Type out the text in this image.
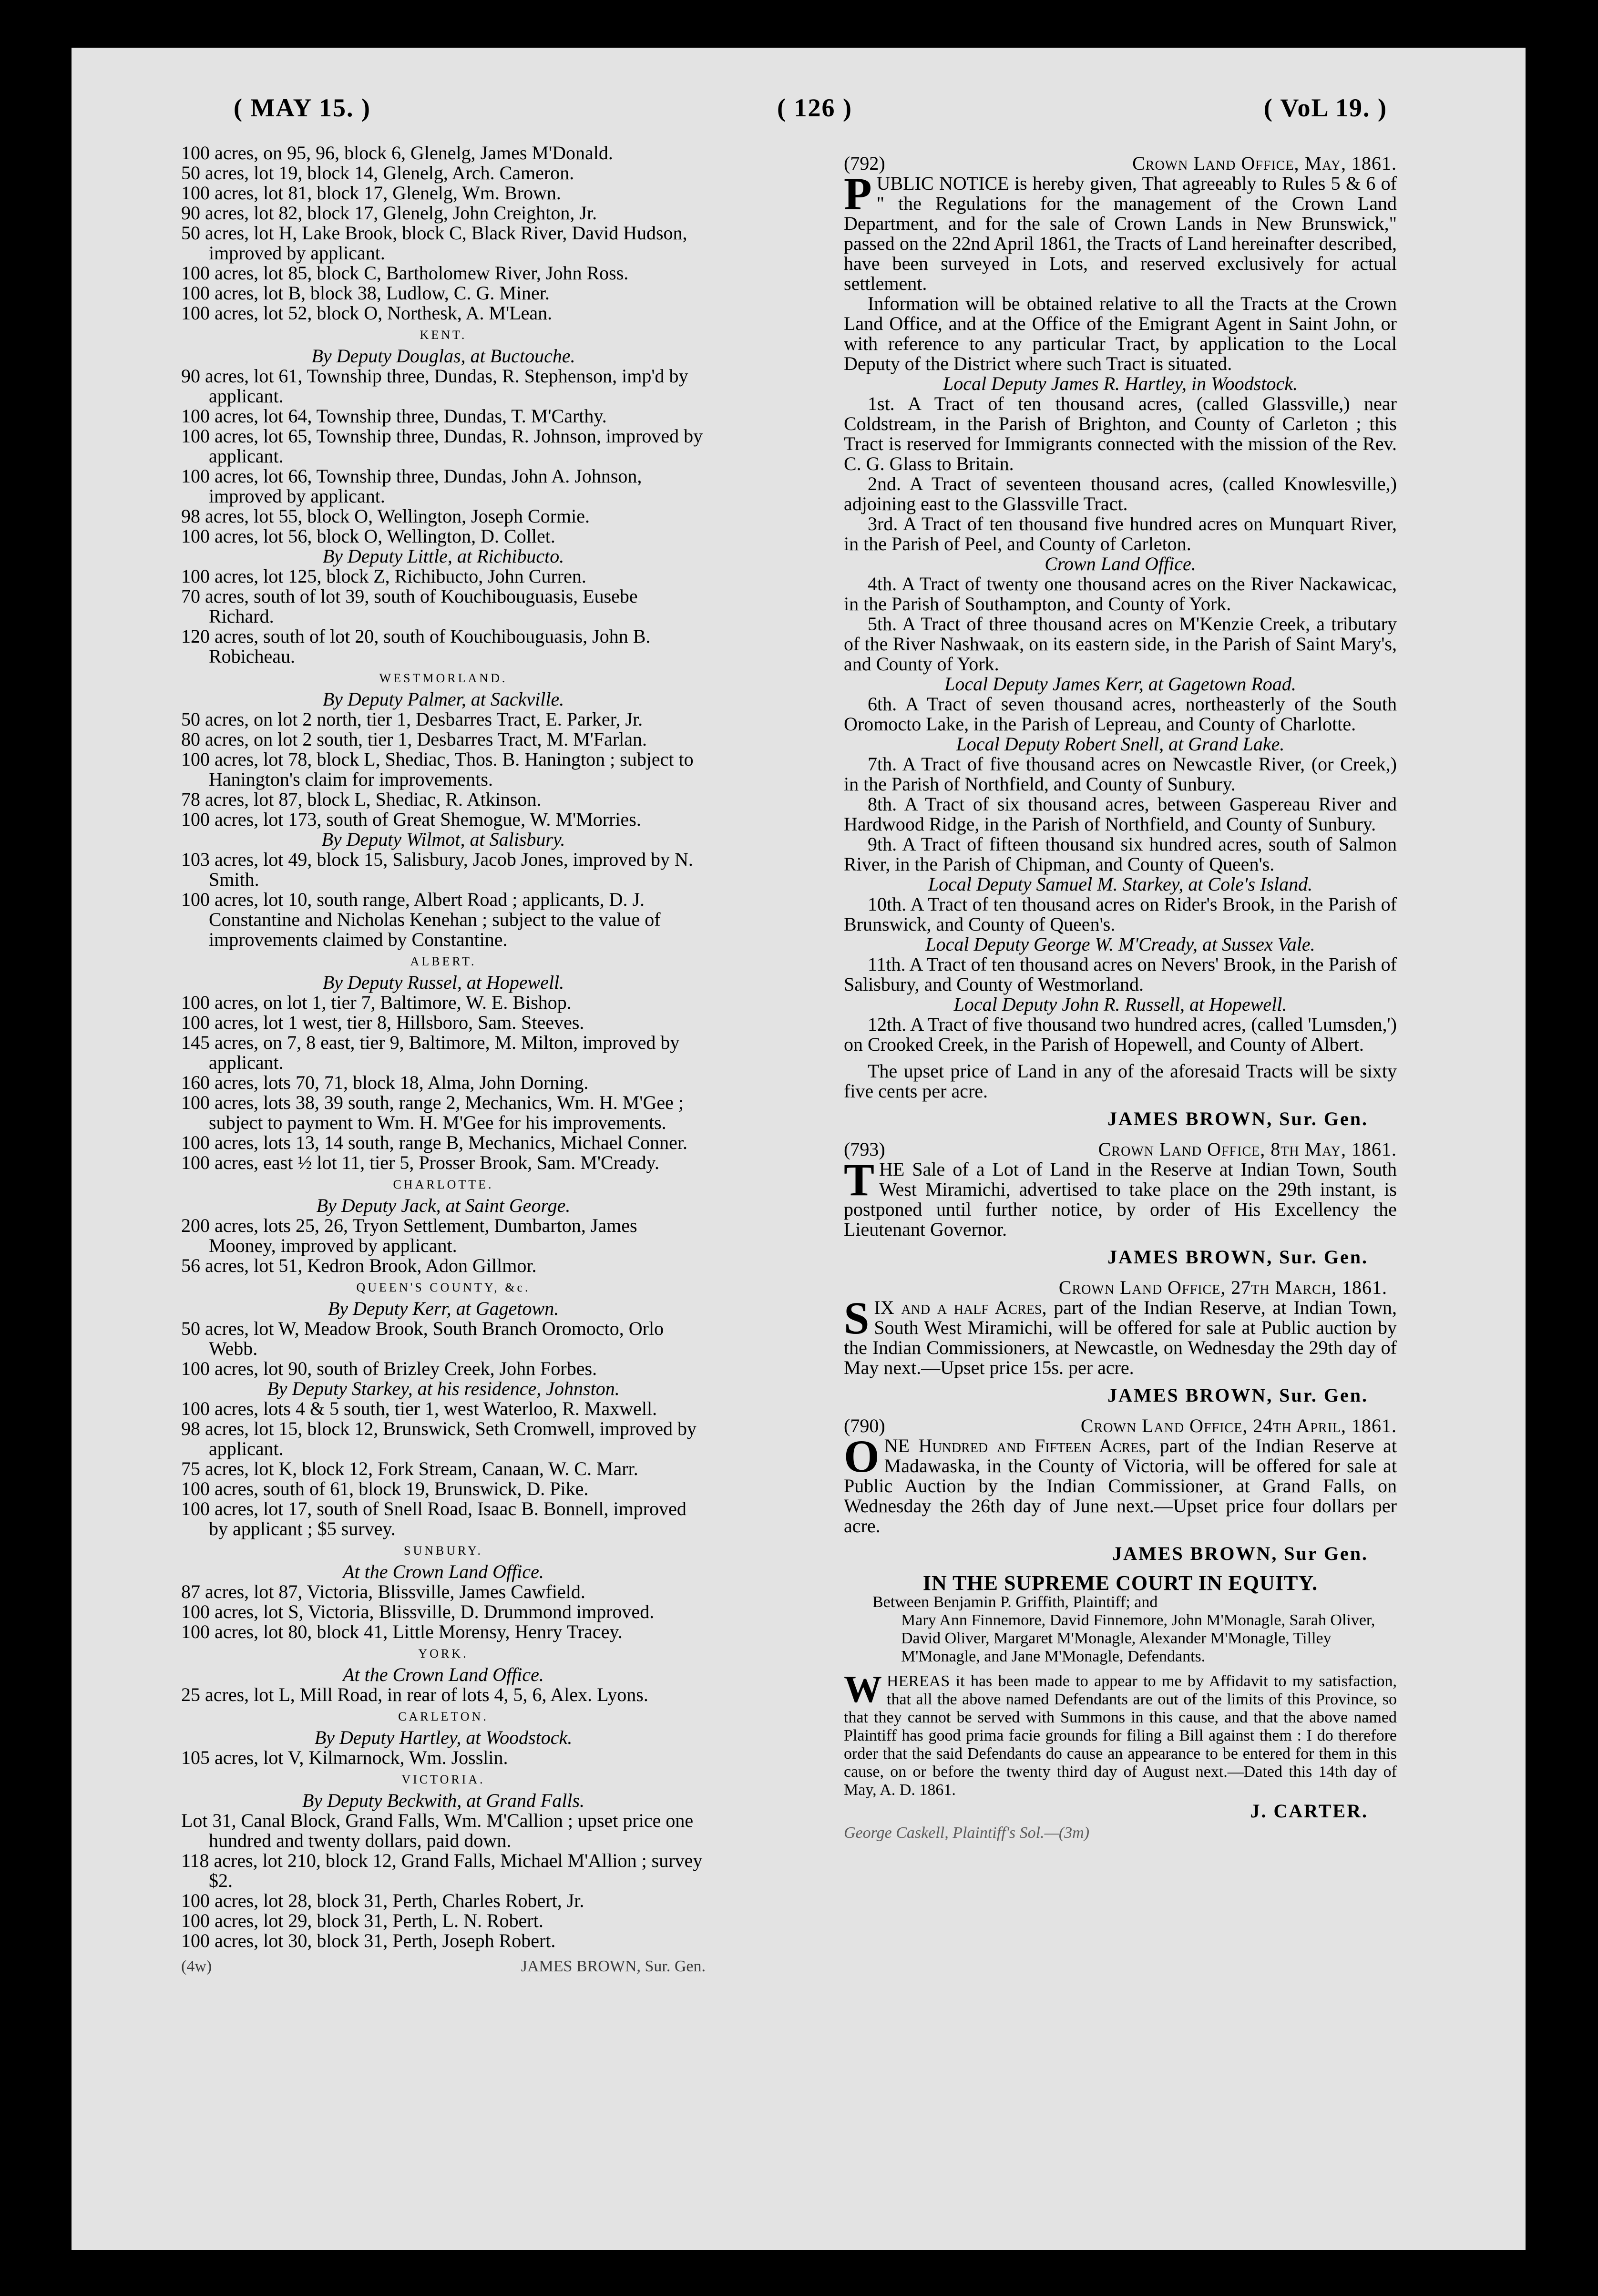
( MAY 15. )	( 126 )	( VoL 19. )

100 acres, on 95, 96, block 6, Glenelg, James M'Donald.

50 acres, lot 19, block 14, Glenelg, Arch. Cameron.

100 acres, lot 81, block 17, Glenelg, Wm. Brown.

90 acres, lot 82, block 17, Glenelg, John Creighton, Jr.

50 acres, lot H, Lake Brook, block C, Black River, David Hudson, improved by applicant.

100 acres, lot 85, block C, Bartholomew River, John Ross.

100 acres, lot B, block 38, Ludlow, C. G. Miner.

100 acres, lot 52, block O, Northesk, A. M'Lean.

KENT.

By Deputy Douglas, at Buctouche.

90 acres, lot 61, Township three, Dundas, R. Stephenson, imp'd by applicant.

100 acres, lot 64, Township three, Dundas, T. M'Carthy.

100 acres, lot 65, Township three, Dundas, R. Johnson, improved by applicant.

100 acres, lot 66, Township three, Dundas, John A. Johnson, improved by applicant.

98 acres, lot 55, block O, Wellington, Joseph Cormie.

100 acres, lot 56, block O, Wellington, D. Collet.

By Deputy Little, at Richibucto.

100 acres, lot 125, block Z, Richibucto, John Curren.

70 acres, south of lot 39, south of Kouchibouguasis, Eusebe Richard.

120 acres, south of lot 20, south of Kouchibouguasis, John B. Robicheau.

WESTMORLAND.

By Deputy Palmer, at Sackville.

50 acres, on lot 2 north, tier 1, Desbarres Tract, E. Parker, Jr.

80 acres, on lot 2 south, tier 1, Desbarres Tract, M. M'Farlan.

100 acres, lot 78, block L, Shediac, Thos. B. Hanington ; subject to Hanington's claim for improvements.

78 acres, lot 87, block L, Shediac, R. Atkinson.

100 acres, lot 173, south of Great Shemogue, W. M'Morries.

By Deputy Wilmot, at Salisbury.

103 acres, lot 49, block 15, Salisbury, Jacob Jones, improved by N. Smith.

100 acres, lot 10, south range, Albert Road ; applicants, D. J. Constantine and Nicholas Kenehan ; subject to the value of improvements claimed by Constantine.

ALBERT.

By Deputy Russel, at Hopewell.

100 acres, on lot 1, tier 7, Baltimore, W. E. Bishop.

100 acres, lot 1 west, tier 8, Hillsboro, Sam. Steeves.

145 acres, on 7, 8 east, tier 9, Baltimore, M. Milton, improved by applicant.

160 acres, lots 70, 71, block 18, Alma, John Dorning.

100 acres, lots 38, 39 south, range 2, Mechanics, Wm. H. M'Gee ; subject to payment to Wm. H. M'Gee for his improvements.

100 acres, lots 13, 14 south, range B, Mechanics, Michael Conner.

100 acres, east ½ lot 11, tier 5, Prosser Brook, Sam. M'Cready.

CHARLOTTE.

By Deputy Jack, at Saint George.

200 acres, lots 25, 26, Tryon Settlement, Dumbarton, James Mooney, improved by applicant.

56 acres, lot 51, Kedron Brook, Adon Gillmor.

QUEEN'S COUNTY, &c.

By Deputy Kerr, at Gagetown.

50 acres, lot W, Meadow Brook, South Branch Oromocto, Orlo Webb.

100 acres, lot 90, south of Brizley Creek, John Forbes.

By Deputy Starkey, at his residence, Johnston.

100 acres, lots 4 & 5 south, tier 1, west Waterloo, R. Maxwell.

98 acres, lot 15, block 12, Brunswick, Seth Cromwell, improved by applicant.

75 acres, lot K, block 12, Fork Stream, Canaan, W. C. Marr.

100 acres, south of 61, block 19, Brunswick, D. Pike.

100 acres, lot 17, south of Snell Road, Isaac B. Bonnell, improved by applicant ; $5 survey.

SUNBURY.

At the Crown Land Office.

87 acres, lot 87, Victoria, Blissville, James Cawfield.

100 acres, lot S, Victoria, Blissville, D. Drummond improved.

100 acres, lot 80, block 41, Little Morensy, Henry Tracey.

YORK.

At the Crown Land Office.

25 acres, lot L, Mill Road, in rear of lots 4, 5, 6, Alex. Lyons.

CARLETON.

By Deputy Hartley, at Woodstock.

105 acres, lot V, Kilmarnock, Wm. Josslin.

VICTORIA.

By Deputy Beckwith, at Grand Falls.

Lot 31, Canal Block, Grand Falls, Wm. M'Callion ; upset price one hundred and twenty dollars, paid down.

118 acres, lot 210, block 12, Grand Falls, Michael M'Allion ; survey $2.

100 acres, lot 28, block 31, Perth, Charles Robert, Jr.

100 acres, lot 29, block 31, Perth, L. N. Robert.

100 acres, lot 30, block 31, Perth, Joseph Robert.

(4w)	JAMES BROWN, Sur. Gen.

(792)	Crown Land Office, May, 1861.

PUBLIC NOTICE is hereby given, That agreeably to Rules 5 & 6 of " the Regulations for the management of the Crown Land Department, and for the sale of Crown Lands in New Brunswick," passed on the 22nd April 1861, the Tracts of Land hereinafter described, have been surveyed in Lots, and reserved exclusively for actual settlement.

Information will be obtained relative to all the Tracts at the Crown Land Office, and at the Office of the Emigrant Agent in Saint John, or with reference to any particular Tract, by application to the Local Deputy of the District where such Tract is situated.

Local Deputy James R. Hartley, in Woodstock.

1st. A Tract of ten thousand acres, (called Glassville,) near Coldstream, in the Parish of Brighton, and County of Carleton ; this Tract is reserved for Immigrants connected with the mission of the Rev. C. G. Glass to Britain.

2nd. A Tract of seventeen thousand acres, (called Knowlesville,) adjoining east to the Glassville Tract.

3rd. A Tract of ten thousand five hundred acres on Munquart River, in the Parish of Peel, and County of Carleton.

Crown Land Office.

4th. A Tract of twenty one thousand acres on the River Nackawicac, in the Parish of Southampton, and County of York.

5th. A Tract of three thousand acres on M'Kenzie Creek, a tributary of the River Nashwaak, on its eastern side, in the Parish of Saint Mary's, and County of York.

Local Deputy James Kerr, at Gagetown Road.

6th. A Tract of seven thousand acres, northeasterly of the South Oromocto Lake, in the Parish of Lepreau, and County of Charlotte.

Local Deputy Robert Snell, at Grand Lake.

7th. A Tract of five thousand acres on Newcastle River, (or Creek,) in the Parish of Northfield, and County of Sunbury.

8th. A Tract of six thousand acres, between Gaspereau River and Hardwood Ridge, in the Parish of Northfield, and County of Sunbury.

9th. A Tract of fifteen thousand six hundred acres, south of Salmon River, in the Parish of Chipman, and County of Queen's.

Local Deputy Samuel M. Starkey, at Cole's Island.

10th. A Tract of ten thousand acres on Rider's Brook, in the Parish of Brunswick, and County of Queen's.

Local Deputy George W. M'Cready, at Sussex Vale.

11th. A Tract of ten thousand acres on Nevers' Brook, in the Parish of Salisbury, and County of Westmorland.

Local Deputy John R. Russell, at Hopewell.

12th. A Tract of five thousand two hundred acres, (called 'Lumsden,') on Crooked Creek, in the Parish of Hopewell, and County of Albert.

The upset price of Land in any of the aforesaid Tracts will be sixty five cents per acre.

JAMES BROWN, Sur. Gen.

(793)	Crown Land Office, 8th May, 1861.

THE Sale of a Lot of Land in the Reserve at Indian Town, South West Miramichi, advertised to take place on the 29th instant, is postponed until further notice, by order of His Excellency the Lieutenant Governor.

JAMES BROWN, Sur. Gen.

Crown Land Office, 27th March, 1861.

SIX and a half Acres, part of the Indian Reserve, at Indian Town, South West Miramichi, will be offered for sale at Public auction by the Indian Commissioners, at Newcastle, on Wednesday the 29th day of May next.—Upset price 15s. per acre.

JAMES BROWN, Sur. Gen.

(790)	Crown Land Office, 24th April, 1861.

ONE Hundred and Fifteen Acres, part of the Indian Reserve at Madawaska, in the County of Victoria, will be offered for sale at Public Auction by the Indian Commissioner, at Grand Falls, on Wednesday the 26th day of June next.—Upset price four dollars per acre.

JAMES BROWN, Sur Gen.

IN THE SUPREME COURT IN EQUITY.

Between Benjamin P. Griffith, Plaintiff; and

Mary Ann Finnemore, David Finnemore, John M'Monagle, Sarah Oliver, David Oliver, Margaret M'Monagle, Alexander M'Monagle, Tilley M'Monagle, and Jane M'Monagle, Defendants.

WHEREAS it has been made to appear to me by Affidavit to my satisfaction, that all the above named Defendants are out of the limits of this Province, so that they cannot be served with Summons in this cause, and that the above named Plaintiff has good prima facie grounds for filing a Bill against them : I do therefore order that the said Defendants do cause an appearance to be entered for them in this cause, on or before the twenty third day of August next.—Dated this 14th day of May, A. D. 1861.

J. CARTER.

George Caskell, Plaintiff's Sol.—(3m)
